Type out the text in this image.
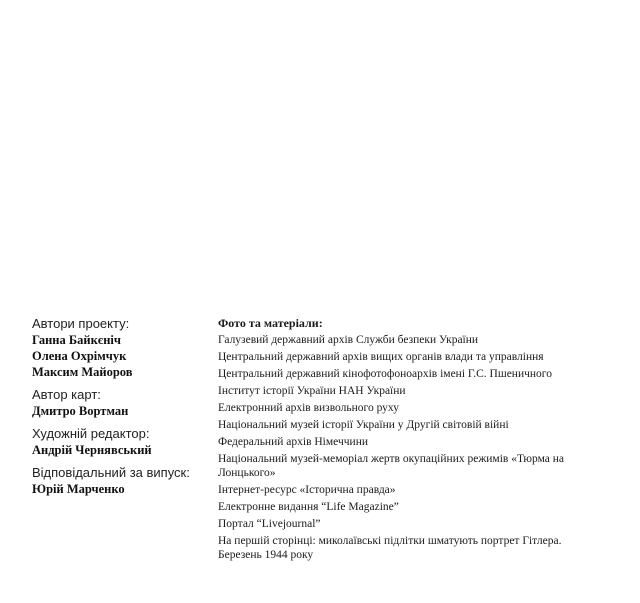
Автори проекту:
Ганна Байкєніч
Олена Охрімчук
Максим Майоров
Автор карт:
Дмитро Вортман
Художній редактор:
Андрій Чернявський
Відповідальний за випуск:
Юрій Марченко
Фото та матеріали:
Галузевий державний архів Служби безпеки України
Центральний державний архів вищих органів влади та управління
Центральний державний кінофотофоноархів імені Г.С. Пшеничного
Інститут історії України НАН України
Електронний архів визвольного руху
Національний музей історії України у Другій світовій війні
Федеральний архів Німеччини
Національний музей-меморіал жертв окупаційних режимів «Тюрма на Лонцького»
Інтернет-ресурс «Історична правда»
Електронне видання “Life Magazine”
Портал “Livejournal”
На першій сторінці: миколаївські підлітки шматують портрет Гітлера. Березень 1944 року
